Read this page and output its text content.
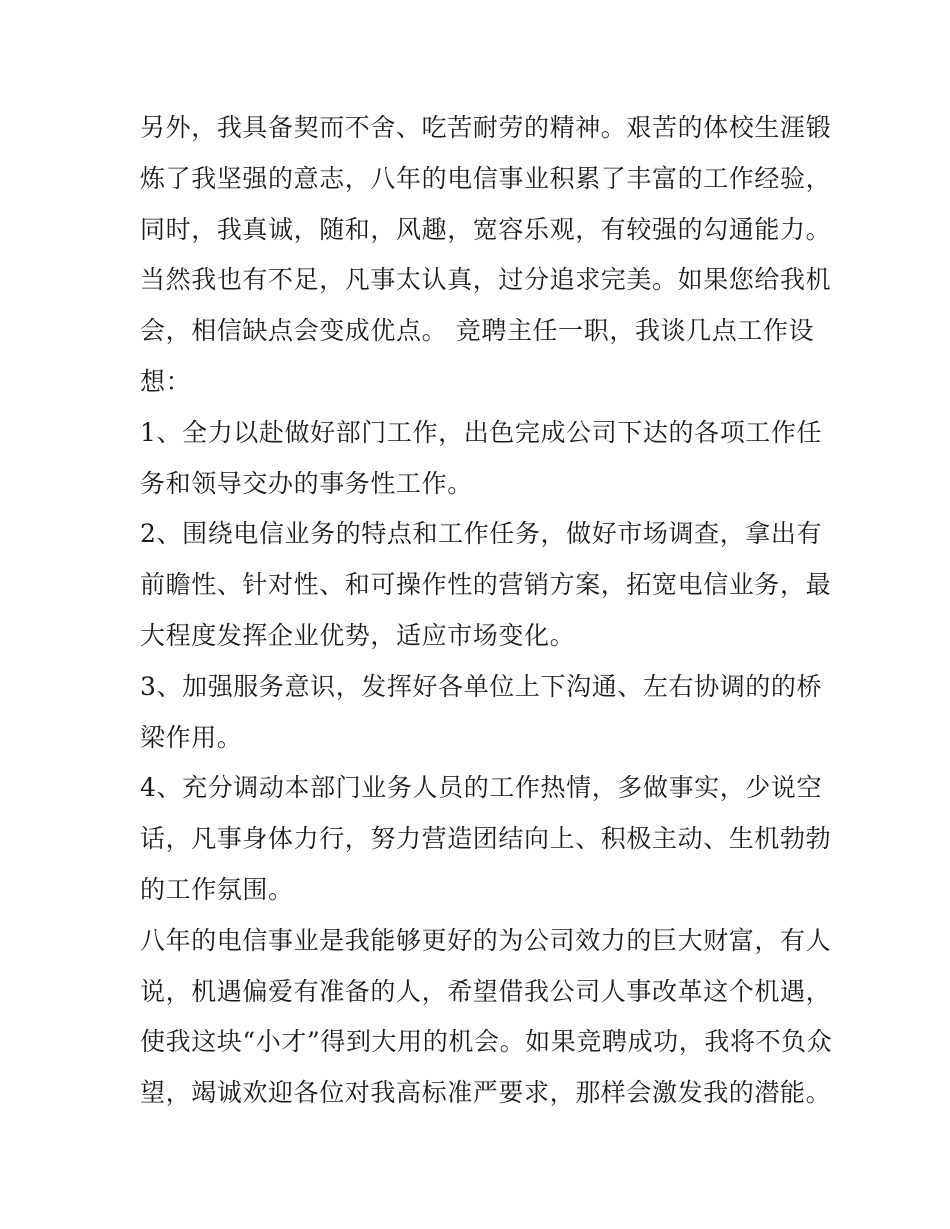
另外，我具备契而不舍、吃苦耐劳的精神。艰苦的体校生涯锻
炼了我坚强的意志，八年的电信事业积累了丰富的工作经验，
同时，我真诚，随和，风趣，宽容乐观，有较强的勾通能力。
当然我也有不足，凡事太认真，过分追求完美。如果您给我机
会，相信缺点会变成优点。 竞聘主任一职，我谈几点工作设
想：
1、全力以赴做好部门工作，出色完成公司下达的各项工作任
务和领导交办的事务性工作。
2、围绕电信业务的特点和工作任务，做好市场调查，拿出有
前瞻性、针对性、和可操作性的营销方案，拓宽电信业务，最
大程度发挥企业优势，适应市场变化。
3、加强服务意识，发挥好各单位上下沟通、左右协调的的桥
梁作用。
4、充分调动本部门业务人员的工作热情，多做事实，少说空
话，凡事身体力行，努力营造团结向上、积极主动、生机勃勃
的工作氛围。
八年的电信事业是我能够更好的为公司效力的巨大财富，有人
说，机遇偏爱有准备的人，希望借我公司人事改革这个机遇，
使我这块“小才”得到大用的机会。如果竞聘成功，我将不负众
望，竭诚欢迎各位对我高标准严要求，那样会激发我的潜能。
